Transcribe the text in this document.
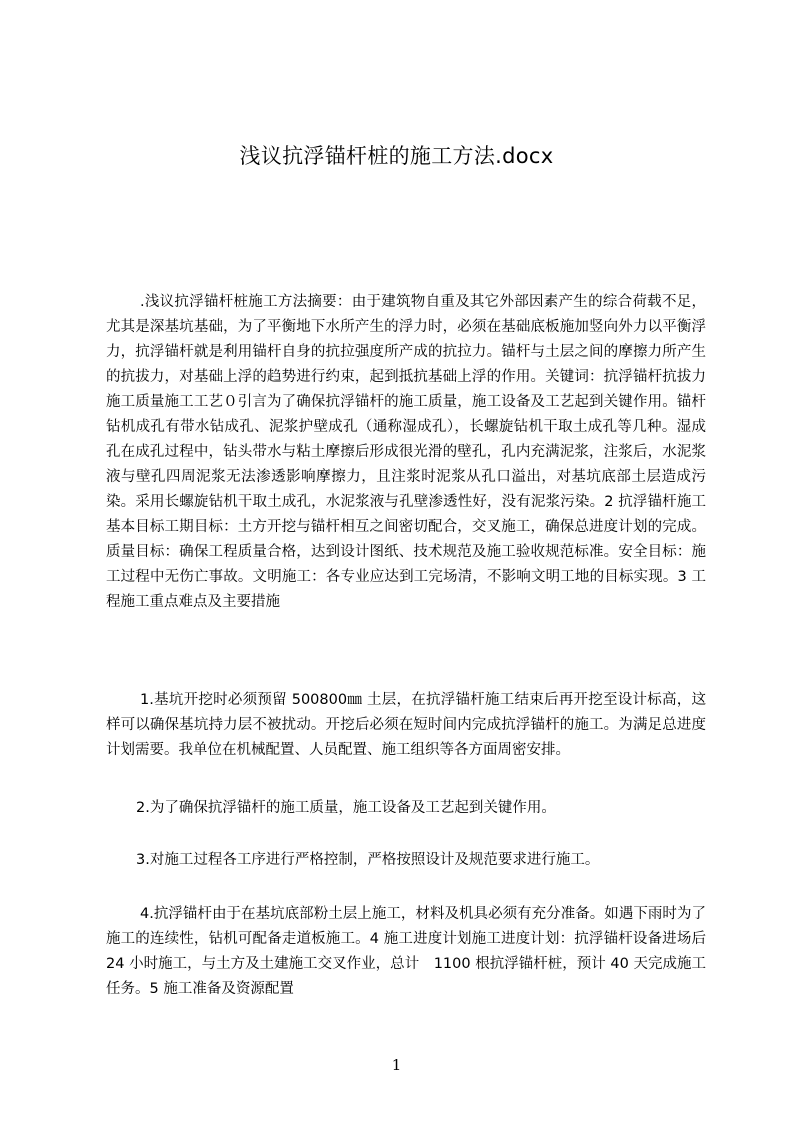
浅议抗浮锚杆桩的施工方法.docx

.浅议抗浮锚杆桩施工方法摘要：由于建筑物自重及其它外部因素产生的综合荷载不足，尤其是深基坑基础，为了平衡地下水所产生的浮力时，必须在基础底板施加竖向外力以平衡浮力，抗浮锚杆就是利用锚杆自身的抗拉强度所产成的抗拉力。锚杆与土层之间的摩擦力所产生的抗拔力，对基础上浮的趋势进行约束，起到抵抗基础上浮的作用。关键词：抗浮锚杆抗拔力施工质量施工工艺０引言为了确保抗浮锚杆的施工质量，施工设备及工艺起到关键作用。锚杆钻机成孔有带水钻成孔、泥浆护壁成孔（通称湿成孔），长螺旋钻机干取土成孔等几种。湿成孔在成孔过程中，钻头带水与粘土摩擦后形成很光滑的壁孔，孔内充满泥浆，注浆后，水泥浆液与壁孔四周泥浆无法渗透影响摩擦力，且注浆时泥浆从孔口溢出，对基坑底部土层造成污染。采用长螺旋钻机干取土成孔，水泥浆液与孔壁渗透性好，没有泥浆污染。2 抗浮锚杆施工基本目标工期目标：土方开挖与锚杆相互之间密切配合，交叉施工，确保总进度计划的完成。质量目标：确保工程质量合格，达到设计图纸、技术规范及施工验收规范标准。安全目标：施工过程中无伤亡事故。文明施工：各专业应达到工完场清，不影响文明工地的目标实现。3 工程施工重点难点及主要措施

1.基坑开挖时必须预留 500800㎜ 土层，在抗浮锚杆施工结束后再开挖至设计标高，这样可以确保基坑持力层不被扰动。开挖后必须在短时间内完成抗浮锚杆的施工。为满足总进度计划需要。我单位在机械配置、人员配置、施工组织等各方面周密安排。

2.为了确保抗浮锚杆的施工质量，施工设备及工艺起到关键作用。

3.对施工过程各工序进行严格控制，严格按照设计及规范要求进行施工。

4.抗浮锚杆由于在基坑底部粉土层上施工，材料及机具必须有充分准备。如遇下雨时为了施工的连续性，钻机可配备走道板施工。4 施工进度计划施工进度计划：抗浮锚杆设备进场后 24 小时施工，与土方及土建施工交叉作业，总计　1100 根抗浮锚杆桩，预计 40 天完成施工任务。5 施工准备及资源配置

1
